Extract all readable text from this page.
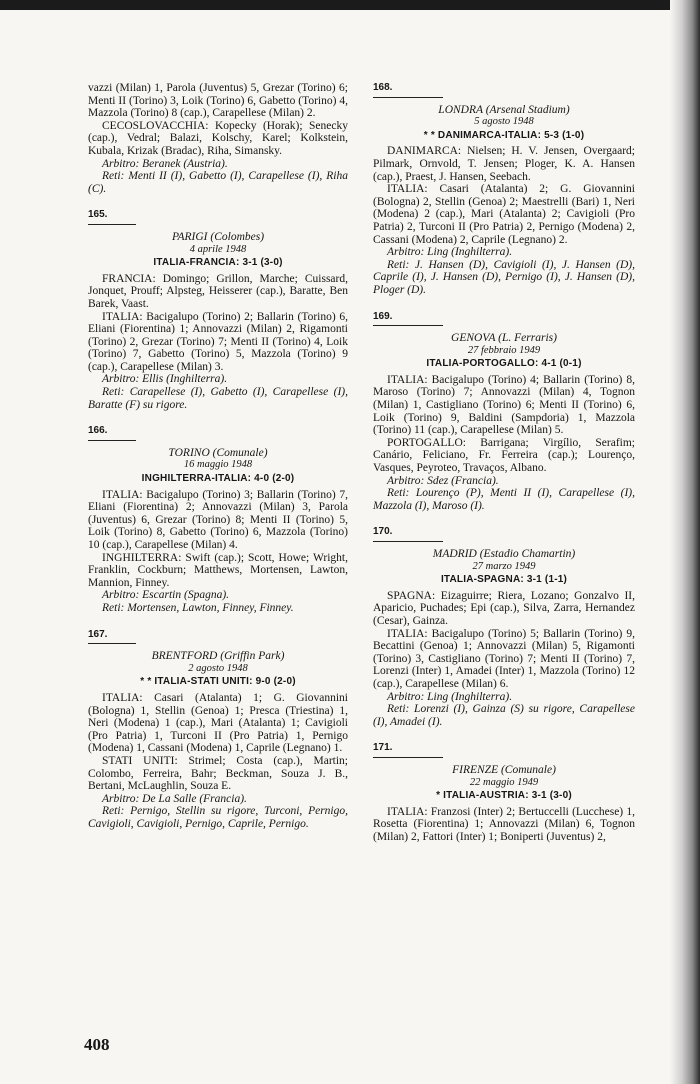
vazzi (Milan) 1, Parola (Juventus) 5, Grezar (Torino) 6; Menti II (Torino) 3, Loik (Torino) 6, Gabetto (Torino) 4, Mazzola (Torino) 8 (cap.), Carapellese (Milan) 2.

CECOSLOVACCHIA: Kopecky (Horak); Senecky (cap.), Vedral; Balazi, Kolschy, Karel; Kolkstein, Kubala, Krizak (Bradac), Riha, Simansky.

Arbitro: Beranek (Austria).

Reti: Menti II (I), Gabetto (I), Carapellese (I), Riha (C).

165.

PARIGI (Colombes)

4 aprile 1948

ITALIA-FRANCIA: 3-1 (3-0)

FRANCIA: Domingo; Grillon, Marche; Cuissard, Jonquet, Prouff; Alpsteg, Heisserer (cap.), Baratte, Ben Barek, Vaast.

ITALIA: Bacigalupo (Torino) 2; Ballarin (Torino) 6, Eliani (Fiorentina) 1; Annovazzi (Milan) 2, Rigamonti (Torino) 2, Grezar (Torino) 7; Menti II (Torino) 4, Loik (Torino) 7, Gabetto (Torino) 5, Mazzola (Torino) 9 (cap.), Carapellese (Milan) 3.

Arbitro: Ellis (Inghilterra).

Reti: Carapellese (I), Gabetto (I), Carapellese (I), Baratte (F) su rigore.

166.

TORINO (Comunale)

16 maggio 1948

INGHILTERRA-ITALIA: 4-0 (2-0)

ITALIA: Bacigalupo (Torino) 3; Ballarin (Torino) 7, Eliani (Fiorentina) 2; Annovazzi (Milan) 3, Parola (Juventus) 6, Grezar (Torino) 8; Menti II (Torino) 5, Loik (Torino) 8, Gabetto (Torino) 6, Mazzola (Torino) 10 (cap.), Carapellese (Milan) 4.

INGHILTERRA: Swift (cap.); Scott, Howe; Wright, Franklin, Cockburn; Matthews, Mortensen, Lawton, Mannion, Finney.

Arbitro: Escartin (Spagna).

Reti: Mortensen, Lawton, Finney, Finney.

167.

BRENTFORD (Griffin Park)

2 agosto 1948

* * ITALIA-STATI UNITI: 9-0 (2-0)

ITALIA: Casari (Atalanta) 1; G. Giovannini (Bologna) 1, Stellin (Genoa) 1; Presca (Triestina) 1, Neri (Modena) 1 (cap.), Mari (Atalanta) 1; Cavigioli (Pro Patria) 1, Turconi II (Pro Patria) 1, Pernigo (Modena) 1, Cassani (Modena) 1, Caprile (Legnano) 1.

STATI UNITI: Strimel; Costa (cap.), Martin; Colombo, Ferreira, Bahr; Beckman, Souza J. B., Bertani, McLaughlin, Souza E.

Arbitro: De La Salle (Francia).

Reti: Pernigo, Stellin su rigore, Turconi, Pernigo, Cavigioli, Cavigioli, Pernigo, Caprile, Pernigo.

168.

LONDRA (Arsenal Stadium)

5 agosto 1948

* * DANIMARCA-ITALIA: 5-3 (1-0)

DANIMARCA: Nielsen; H. V. Jensen, Overgaard; Pilmark, Ornvold, T. Jensen; Ploger, K. A. Hansen (cap.), Praest, J. Hansen, Seebach.

ITALIA: Casari (Atalanta) 2; G. Giovannini (Bologna) 2, Stellin (Genoa) 2; Maestrelli (Bari) 1, Neri (Modena) 2 (cap.), Mari (Atalanta) 2; Cavigioli (Pro Patria) 2, Turconi II (Pro Patria) 2, Pernigo (Modena) 2, Cassani (Modena) 2, Caprile (Legnano) 2.

Arbitro: Ling (Inghilterra).

Reti: J. Hansen (D), Cavigioli (I), J. Hansen (D), Caprile (I), J. Hansen (D), Pernigo (I), J. Hansen (D), Ploger (D).

169.

GENOVA (L. Ferraris)

27 febbraio 1949

ITALIA-PORTOGALLO: 4-1 (0-1)

ITALIA: Bacigalupo (Torino) 4; Ballarin (Torino) 8, Maroso (Torino) 7; Annovazzi (Milan) 4, Tognon (Milan) 1, Castigliano (Torino) 6; Menti II (Torino) 6, Loik (Torino) 9, Baldini (Sampdoria) 1, Mazzola (Torino) 11 (cap.), Carapellese (Milan) 5.

PORTOGALLO: Barrigana; Virgílio, Serafim; Canário, Feliciano, Fr. Ferreira (cap.); Lourenço, Vasques, Peyroteo, Travaços, Albano.

Arbitro: Sdez (Francia).

Reti: Lourenço (P), Menti II (I), Carapellese (I), Mazzola (I), Maroso (I).

170.

MADRID (Estadio Chamartin)

27 marzo 1949

ITALIA-SPAGNA: 3-1 (1-1)

SPAGNA: Eizaguirre; Riera, Lozano; Gonzalvo II, Aparicio, Puchades; Epi (cap.), Silva, Zarra, Hernandez (Cesar), Gainza.

ITALIA: Bacigalupo (Torino) 5; Ballarin (Torino) 9, Becattini (Genoa) 1; Annovazzi (Milan) 5, Rigamonti (Torino) 3, Castigliano (Torino) 7; Menti II (Torino) 7, Lorenzi (Inter) 1, Amadei (Inter) 1, Mazzola (Torino) 12 (cap.), Carapellese (Milan) 6.

Arbitro: Ling (Inghilterra).

Reti: Lorenzi (I), Gainza (S) su rigore, Carapellese (I), Amadei (I).

171.

FIRENZE (Comunale)

22 maggio 1949

* ITALIA-AUSTRIA: 3-1 (3-0)

ITALIA: Franzosi (Inter) 2; Bertuccelli (Lucchese) 1, Rosetta (Fiorentina) 1; Annovazzi (Milan) 6, Tognon (Milan) 2, Fattori (Inter) 1; Boniperti (Juventus) 2,

408
